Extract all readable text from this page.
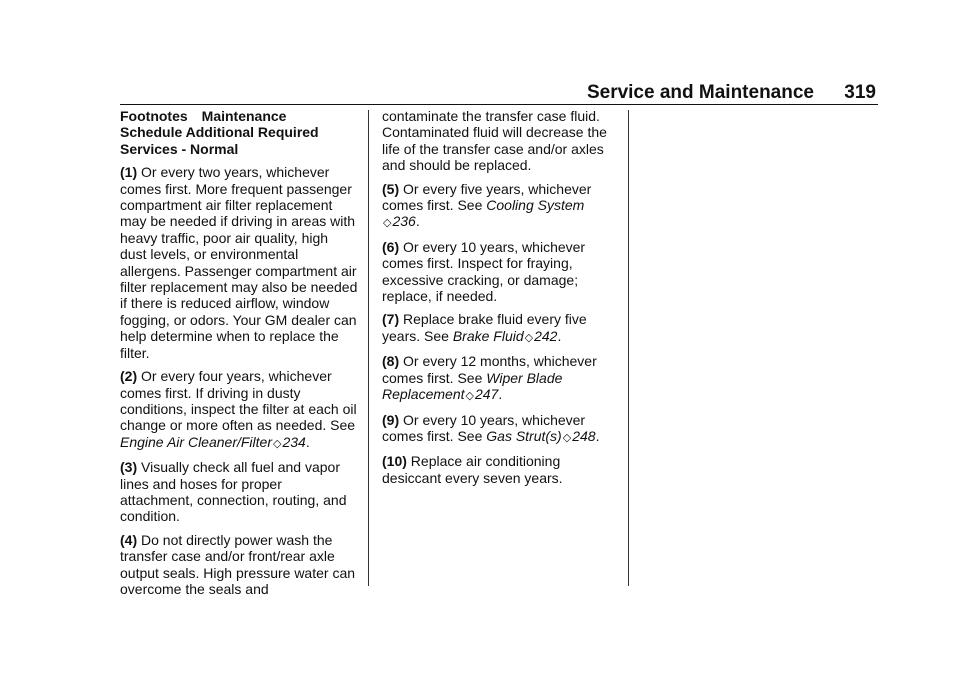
Service and Maintenance 319
Footnotes Maintenance
Schedule Additional Required
Services - Normal

(1) Or every two years, whichever comes first. More frequent passenger compartment air filter replacement may be needed if driving in areas with heavy traffic, poor air quality, high dust levels, or environmental allergens. Passenger compartment air filter replacement may also be needed if there is reduced airflow, window fogging, or odors. Your GM dealer can help determine when to replace the filter.

(2) Or every four years, whichever comes first. If driving in dusty conditions, inspect the filter at each oil change or more often as needed. See Engine Air Cleaner/Filter◇234.

(3) Visually check all fuel and vapor lines and hoses for proper attachment, connection, routing, and condition.

(4) Do not directly power wash the transfer case and/or front/rear axle output seals. High pressure water can overcome the seals and

contaminate the transfer case fluid. Contaminated fluid will decrease the life of the transfer case and/or axles and should be replaced.

(5) Or every five years, whichever comes first. See Cooling System
◇236.

(6) Or every 10 years, whichever comes first. Inspect for fraying, excessive cracking, or damage; replace, if needed.

(7) Replace brake fluid every five years. See Brake Fluid◇242.

(8) Or every 12 months, whichever comes first. See Wiper Blade Replacement◇247.

(9) Or every 10 years, whichever comes first. See Gas Strut(s)◇248.

(10) Replace air conditioning desiccant every seven years.
